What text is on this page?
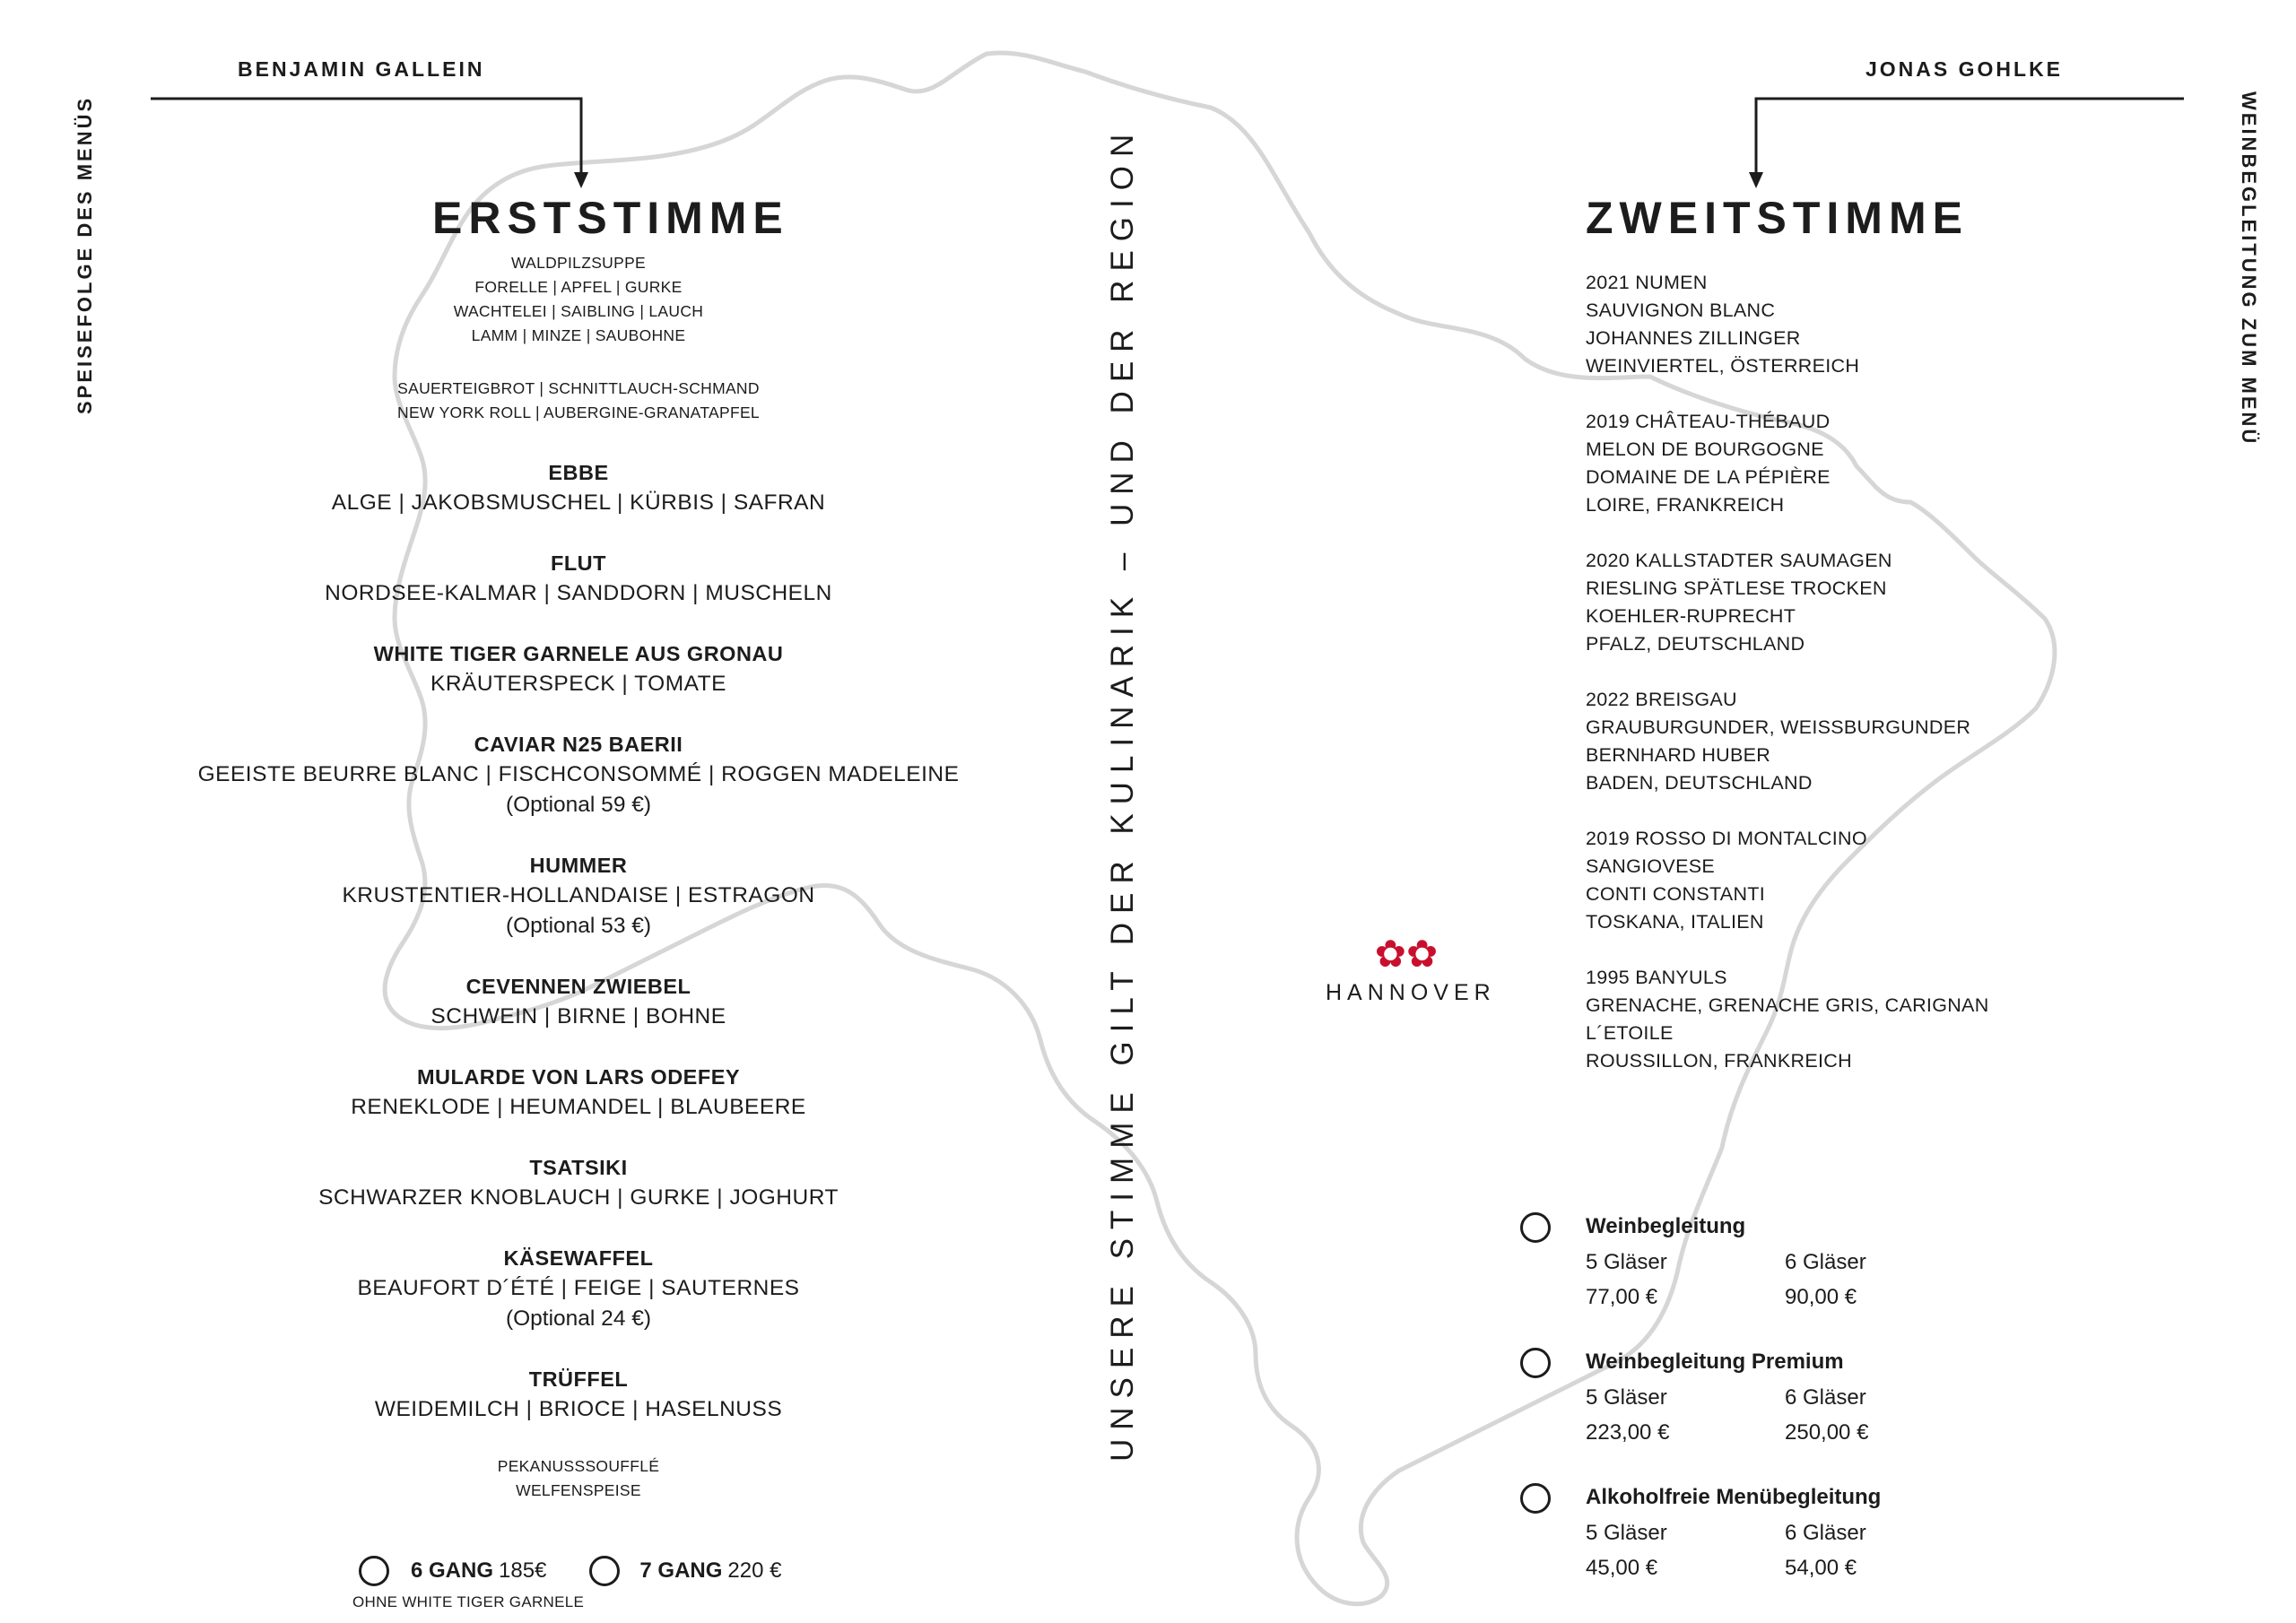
SPEISEFOLGE DES MENÜS	WEINBEGLEITUNG ZUM MENÜ
UNSERE STIMME GILT DER KULINARIK – UND DER REGION
BENJAMIN GALLEIN	JONAS GOHLKE
ERSTSTIMME	ZWEITSTIMME
WALDPILZSUPPE
FORELLE | APFEL | GURKE
WACHTELEI | SAIBLING | LAUCH
LAMM | MINZE | SAUBOHNE
SAUERTEIGBROT | SCHNITTLAUCH-SCHMAND
NEW YORK ROLL | AUBERGINE-GRANATAPFEL
EBBE
ALGE | JAKOBSMUSCHEL | KÜRBIS | SAFRAN
FLUT
NORDSEE-KALMAR | SANDDORN | MUSCHELN
WHITE TIGER GARNELE AUS GRONAU
KRÄUTERSPECK | TOMATE
CAVIAR N25 BAERII
GEEISTE BEURRE BLANC | FISCHCONSOMMÉ | ROGGEN MADELEINE
(Optional 59 €)
HUMMER
KRUSTENTIER-HOLLANDAISE | ESTRAGON
(Optional 53 €)
CEVENNEN ZWIEBEL
SCHWEIN | BIRNE | BOHNE
MULARDE VON LARS ODEFEY
RENEKLODE | HEUMANDEL | BLAUBEERE
TSATSIKI
SCHWARZER KNOBLAUCH | GURKE | JOGHURT
KÄSEWAFFEL
BEAUFORT D´ÉTÉ | FEIGE | SAUTERNES
(Optional 24 €)
TRÜFFEL
WEIDEMILCH | BRIOCE | HASELNUSS
PEKANUSSSOUFFLÉ
WELFENSPEISE
6 GANG 185€	7 GANG 220 €
OHNE WHITE TIGER GARNELE
✿✿
HANNOVER
2021 NUMEN
SAUVIGNON BLANC
JOHANNES ZILLINGER
WEINVIERTEL, ÖSTERREICH
2019 CHÂTEAU-THÉBAUD
MELON DE BOURGOGNE
DOMAINE DE LA PÉPIÈRE
LOIRE, FRANKREICH
2020 KALLSTADTER SAUMAGEN
RIESLING SPÄTLESE TROCKEN
KOEHLER-RUPRECHT
PFALZ, DEUTSCHLAND
2022 BREISGAU
GRAUBURGUNDER, WEISSBURGUNDER
BERNHARD HUBER
BADEN, DEUTSCHLAND
2019 ROSSO DI MONTALCINO
SANGIOVESE
CONTI CONSTANTI
TOSKANA, ITALIEN
1995 BANYULS
GRENACHE, GRENACHE GRIS, CARIGNAN
L´ETOILE
ROUSSILLON, FRANKREICH
Weinbegleitung
5 Gläser	6 Gläser
77,00 €	90,00 €
Weinbegleitung Premium
5 Gläser	6 Gläser
223,00 €	250,00 €
Alkoholfreie Menübegleitung
5 Gläser	6 Gläser
45,00 €	54,00 €
